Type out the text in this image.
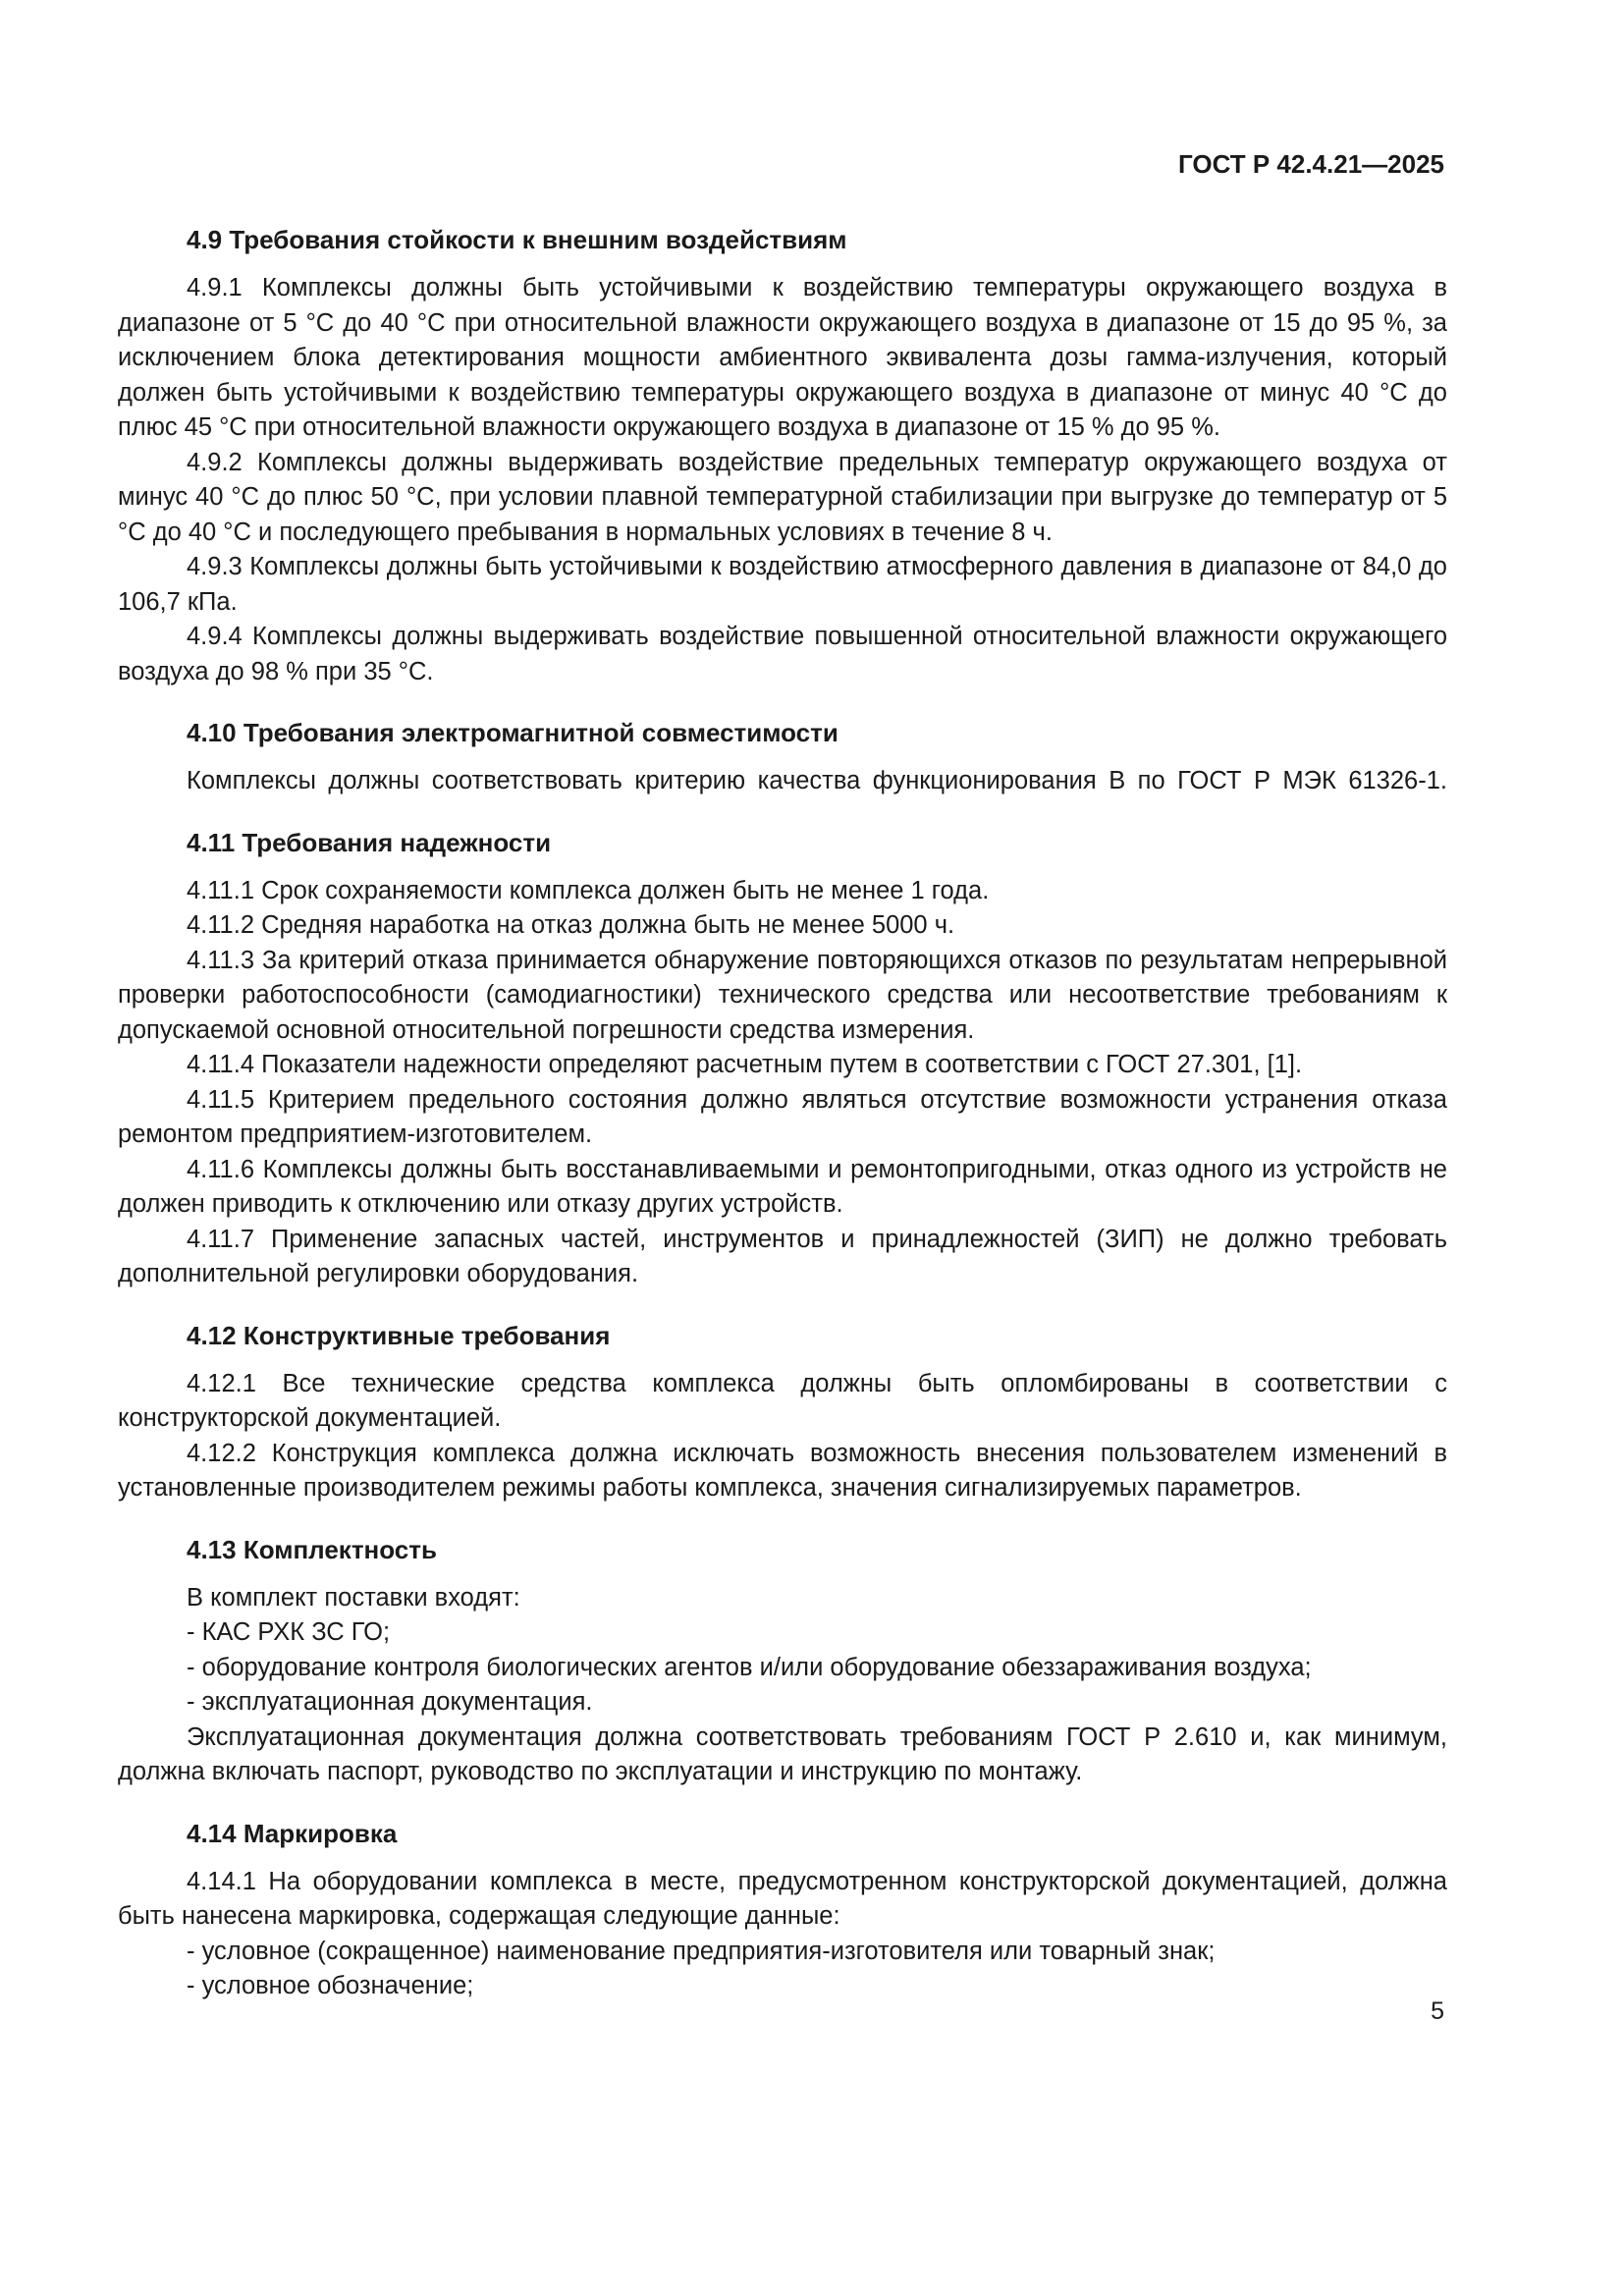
ГОСТ Р 42.4.21—2025
4.9 Требования стойкости к внешним воздействиям

4.9.1 Комплексы должны быть устойчивыми к воздействию температуры окружающего воздуха в диапазоне от 5 °С до 40 °С при относительной влажности окружающего воздуха в диапазоне от 15 до 95 %, за исключением блока детектирования мощности амбиентного эквивалента дозы гамма-излучения, который должен быть устойчивыми к воздействию температуры окружающего воздуха в диапазоне от минус 40 °С до плюс 45 °С при относительной влажности окружающего воздуха в диапазоне от 15 % до 95 %.

4.9.2 Комплексы должны выдерживать воздействие предельных температур окружающего воздуха от минус 40 °С до плюс 50 °С, при условии плавной температурной стабилизации при выгрузке до температур от 5 °С до 40 °С и последующего пребывания в нормальных условиях в течение 8 ч.

4.9.3 Комплексы должны быть устойчивыми к воздействию атмосферного давления в диапазоне от 84,0 до 106,7 кПа.

4.9.4 Комплексы должны выдерживать воздействие повышенной относительной влажности окружающего воздуха до 98 % при 35 °С.

4.10 Требования электромагнитной совместимости

Комплексы должны соответствовать критерию качества функционирования В по ГОСТ Р МЭК 61326-1.

4.11 Требования надежности

4.11.1 Срок сохраняемости комплекса должен быть не менее 1 года.

4.11.2 Средняя наработка на отказ должна быть не менее 5000 ч.

4.11.3 За критерий отказа принимается обнаружение повторяющихся отказов по результатам непрерывной проверки работоспособности (самодиагностики) технического средства или несоответствие требованиям к допускаемой основной относительной погрешности средства измерения.

4.11.4 Показатели надежности определяют расчетным путем в соответствии с ГОСТ 27.301, [1].

4.11.5 Критерием предельного состояния должно являться отсутствие возможности устранения отказа ремонтом предприятием-изготовителем.

4.11.6 Комплексы должны быть восстанавливаемыми и ремонтопригодными, отказ одного из устройств не должен приводить к отключению или отказу других устройств.

4.11.7 Применение запасных частей, инструментов и принадлежностей (ЗИП) не должно требовать дополнительной регулировки оборудования.

4.12 Конструктивные требования

4.12.1 Все технические средства комплекса должны быть опломбированы в соответствии с конструкторской документацией.

4.12.2 Конструкция комплекса должна исключать возможность внесения пользователем изменений в установленные производителем режимы работы комплекса, значения сигнализируемых параметров.

4.13 Комплектность

В комплект поставки входят:

- КАС РХК ЗС ГО;
- оборудование контроля биологических агентов и/или оборудование обеззараживания воздуха;
- эксплуатационная документация.

Эксплуатационная документация должна соответствовать требованиям ГОСТ Р 2.610 и, как минимум, должна включать паспорт, руководство по эксплуатации и инструкцию по монтажу.

4.14 Маркировка

4.14.1 На оборудовании комплекса в месте, предусмотренном конструкторской документацией, должна быть нанесена маркировка, содержащая следующие данные:

- условное (сокращенное) наименование предприятия-изготовителя или товарный знак;
- условное обозначение;
5
